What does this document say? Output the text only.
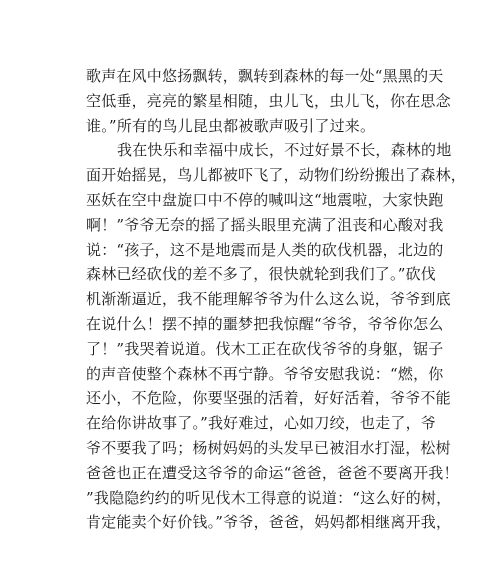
歌声在风中悠扬飘转，飘转到森林的每一处“黑黑的天
空低垂，亮亮的繁星相随，虫儿飞，虫儿飞，你在思念
谁。”所有的鸟儿昆虫都被歌声吸引了过来。
我在快乐和幸福中成长，不过好景不长，森林的地
面开始摇晃，鸟儿都被吓飞了，动物们纷纷搬出了森林，
巫妖在空中盘旋口中不停的喊叫这“地震啦，大家快跑
啊！”爷爷无奈的摇了摇头眼里充满了沮丧和心酸对我
说：“孩子，这不是地震而是人类的砍伐机器，北边的
森林已经砍伐的差不多了，很快就轮到我们了。”砍伐
机渐渐逼近，我不能理解爷爷为什么这么说，爷爷到底
在说什么！摆不掉的噩梦把我惊醒“爷爷，爷爷你怎么
了！”我哭着说道。伐木工正在砍伐爷爷的身躯，锯子
的声音使整个森林不再宁静。爷爷安慰我说：“燃，你
还小，不危险，你要坚强的活着，好好活着，爷爷不能
在给你讲故事了。”我好难过，心如刀绞，也走了，爷
爷不要我了吗；杨树妈妈的头发早已被泪水打湿，松树
爸爸也正在遭受这爷爷的命运“爸爸，爸爸不要离开我！
”我隐隐约约的听见伐木工得意的说道：“这么好的树，
肯定能卖个好价钱。”爷爷，爸爸，妈妈都相继离开我，
